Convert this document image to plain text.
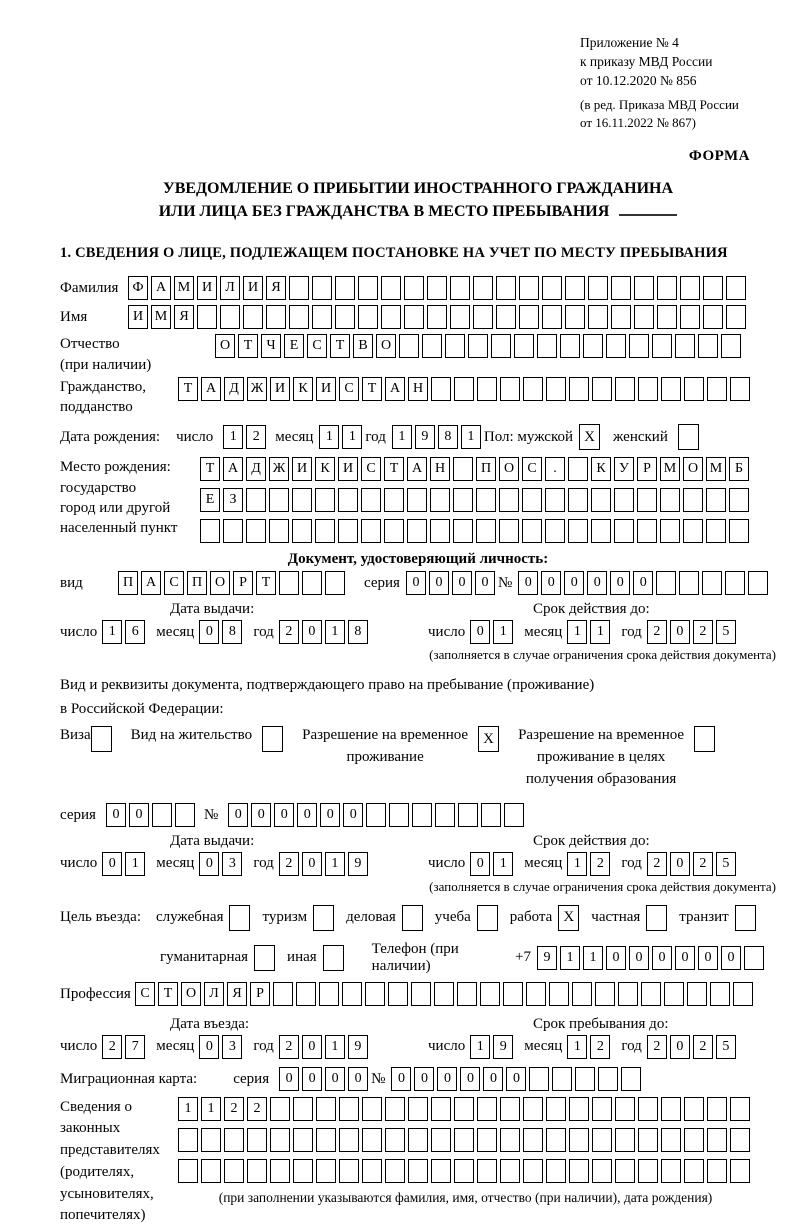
Приложение № 4
к приказу МВД России
от 10.12.2020 № 856
(в ред. Приказа МВД России
от 16.11.2022 № 867)
ФОРМА
УВЕДОМЛЕНИЕ О ПРИБЫТИИ ИНОСТРАННОГО ГРАЖДАНИНА
ИЛИ ЛИЦА БЕЗ ГРАЖДАНСТВА В МЕСТО ПРЕБЫВАНИЯ
1. СВЕДЕНИЯ О ЛИЦЕ, ПОДЛЕЖАЩЕМ ПОСТАНОВКЕ НА УЧЕТ ПО МЕСТУ ПРЕБЫВАНИЯ
Фамилия	Ф А М И Л И Я
Имя	И М Я
Отчество
(при наличии)
О Т	Ч	Е	С	Т	В О
Гражданство,
подданство
Т А Д Ж И К И С	Т А Н
Дата рождения: число	1	2	месяц 1	1 год 1	9	8	1 Пол: мужской X	женский
Место рождения:
государство
город или другой
населенный пункт
Т А Д Ж И К И С	Т А Н	П О С	.	К У	Р М О М Б
Е	З
Документ, удостоверяющий личность:
вид	П А С П О	Р	Т	серия 0	0	0	0 № 0	0	0	0	0	0
Дата выдачи:
число 1	6	месяц 0	8	год 2	0	1	8
Срок действия до:
число 0	1	месяц 1	1	год 2	0	2	5
(заполняется в случае ограничения срока действия документа)
Вид и реквизиты документа, подтверждающего право на пребывание (проживание)
в Российской Федерации:
Виза	Вид на жительство	Разрешение на временное
проживание
X	Разрешение на временное
проживание в целях
получения образования
серия	0	0	№	0	0	0	0	0	0
Дата выдачи:
число 0	1	месяц 0	3	год 2	0	1	9
Срок действия до:
число 0	1	месяц 1	2	год 2	0	2	5
(заполняется в случае ограничения срока действия документа)
Цель въезда: служебная	туризм	деловая	учеба	работа X	частная	транзит
гуманитарная	иная
Телефон (при наличии)
+7 9	1	1	0	0	0	0	0	0
Профессия С	Т О Л Я	Р
Дата въезда:
число 2	7	месяц 0	3	год 2	0	1	9
Срок пребывания до:
число 1	9	месяц 1	2	год 2	0	2	5
Миграционная карта: серия	0	0	0	0 № 0	0	0	0	0	0
Сведения о законных представителях (родителях, усыновителях, попечителях)
1	1	2	2
(при заполнении указываются фамилия, имя, отчество (при наличии), дата рождения)
